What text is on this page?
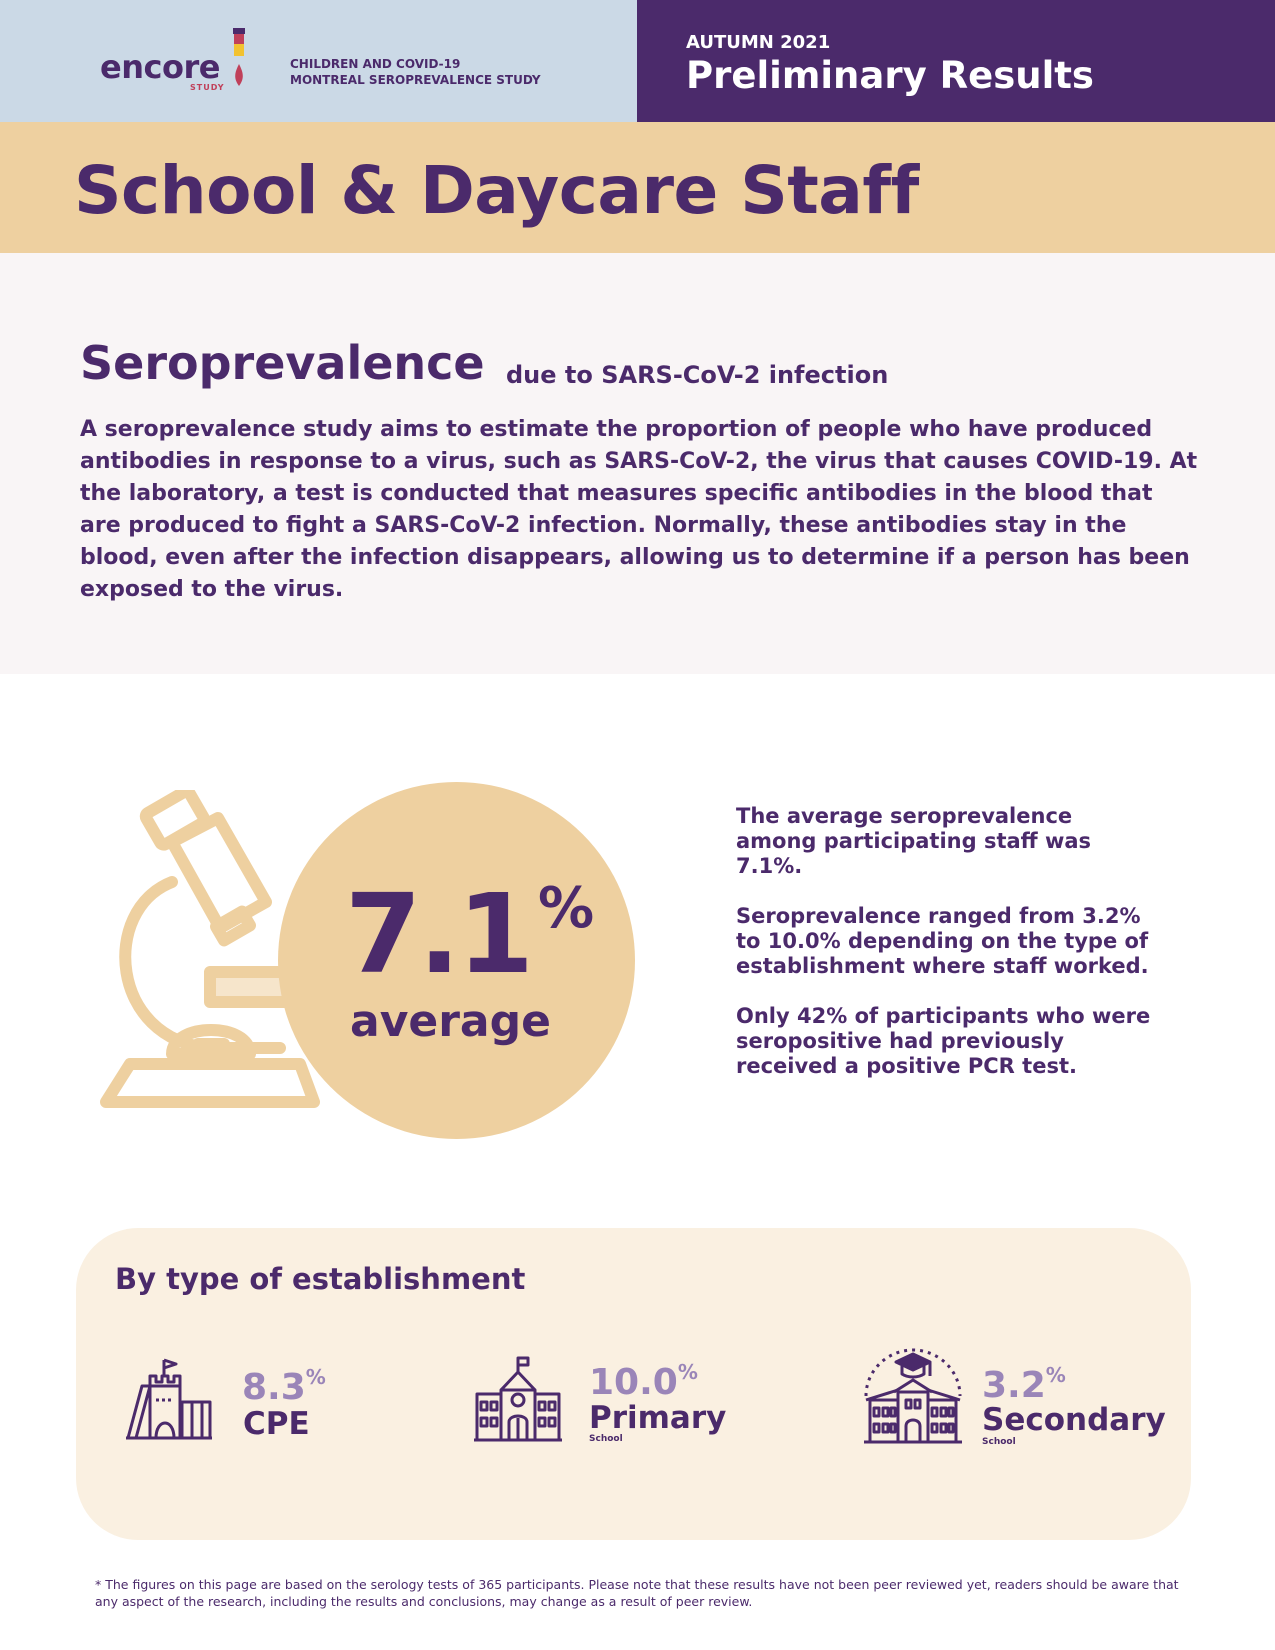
encore
STUDY
CHILDREN AND COVID-19
MONTREAL SEROPREVALENCE STUDY
AUTUMN 2021
Preliminary Results
School & Daycare Staff
Seroprevalence due to SARS-CoV-2 infection
A seroprevalence study aims to estimate the proportion of people who have produced antibodies in response to a virus, such as SARS-CoV-2, the virus that causes COVID-19. At the laboratory, a test is conducted that measures specific antibodies in the blood that are produced to fight a SARS-CoV-2 infection. Normally, these antibodies stay in the blood, even after the infection disappears, allowing us to determine if a person has been exposed to the virus.
7.1 %
average

The average seroprevalence among participating staff was 7.1%.

Seroprevalence ranged from 3.2% to 10.0% depending on the type of establishment where staff worked.

Only 42% of participants who were seropositive had previously received a positive PCR test.

By type of establishment
8.3%
CPE
10.0%
Primary
School
3.2%
Secondary
School
* The figures on this page are based on the serology tests of 365 participants. Please note that these results have not been peer reviewed yet, readers should be aware that any aspect of the research, including the results and conclusions, may change as a result of peer review.
